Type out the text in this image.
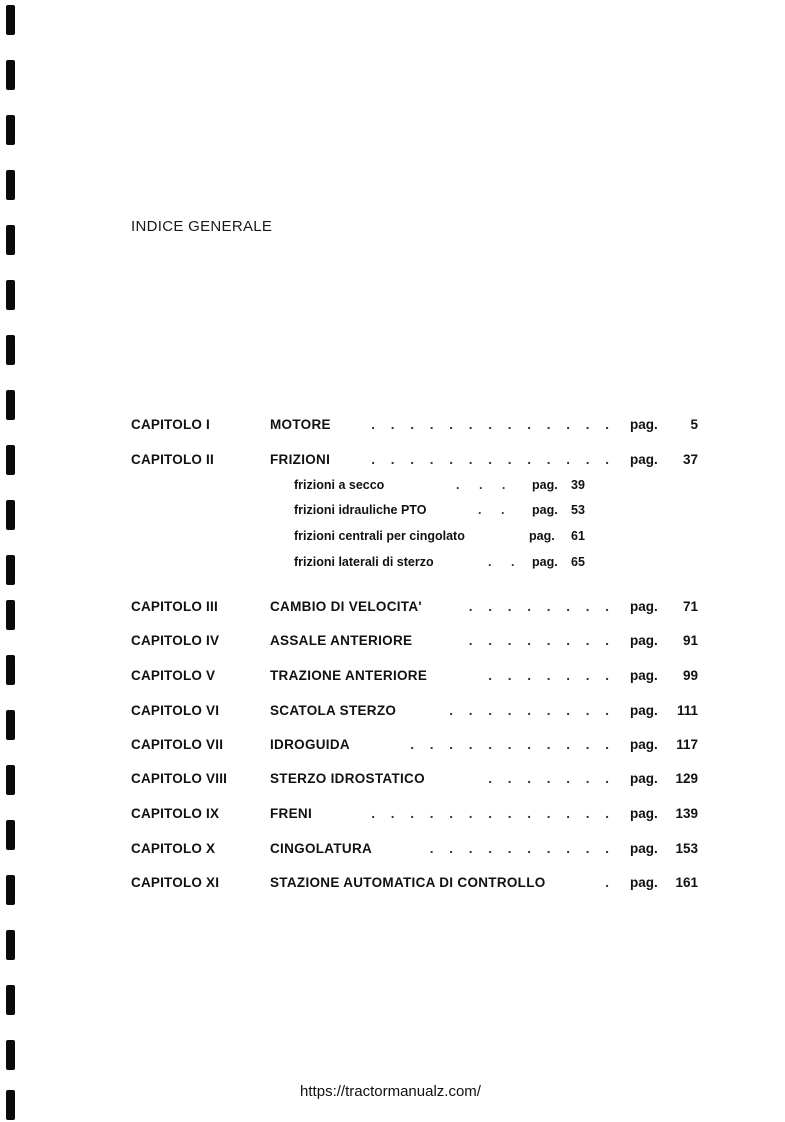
INDICE GENERALE
CAPITOLO I	MOTORE	. . . . . . . . . . . . . pag. 5
CAPITOLO II	FRIZIONI	. . . . . . . . . . . . . pag. 37
frizioni a secco	. . . pag. 39
frizioni idrauliche PTO	. . pag. 53
frizioni centrali per cingolato	pag. 61
frizioni laterali di sterzo	. . pag. 65
CAPITOLO III	CAMBIO DI VELOCITA'	. . . . . . . . pag. 71
CAPITOLO IV	ASSALE ANTERIORE	. . . . . . . . pag. 91
CAPITOLO V	TRAZIONE ANTERIORE	. . . . . . . pag. 99
CAPITOLO VI	SCATOLA STERZO	. . . . . . . . . pag. 111
CAPITOLO VII	IDROGUIDA	. . . . . . . . . . . pag. 117
CAPITOLO VIII	STERZO IDROSTATICO	. . . . . . . pag. 129
CAPITOLO IX	FRENI	. . . . . . . . . . . . . pag. 139
CAPITOLO X	CINGOLATURA	. . . . . . . . . . pag. 153
CAPITOLO XI	STAZIONE AUTOMATICA DI CONTROLLO	. pag. 161
https://tractormanualz.com/
